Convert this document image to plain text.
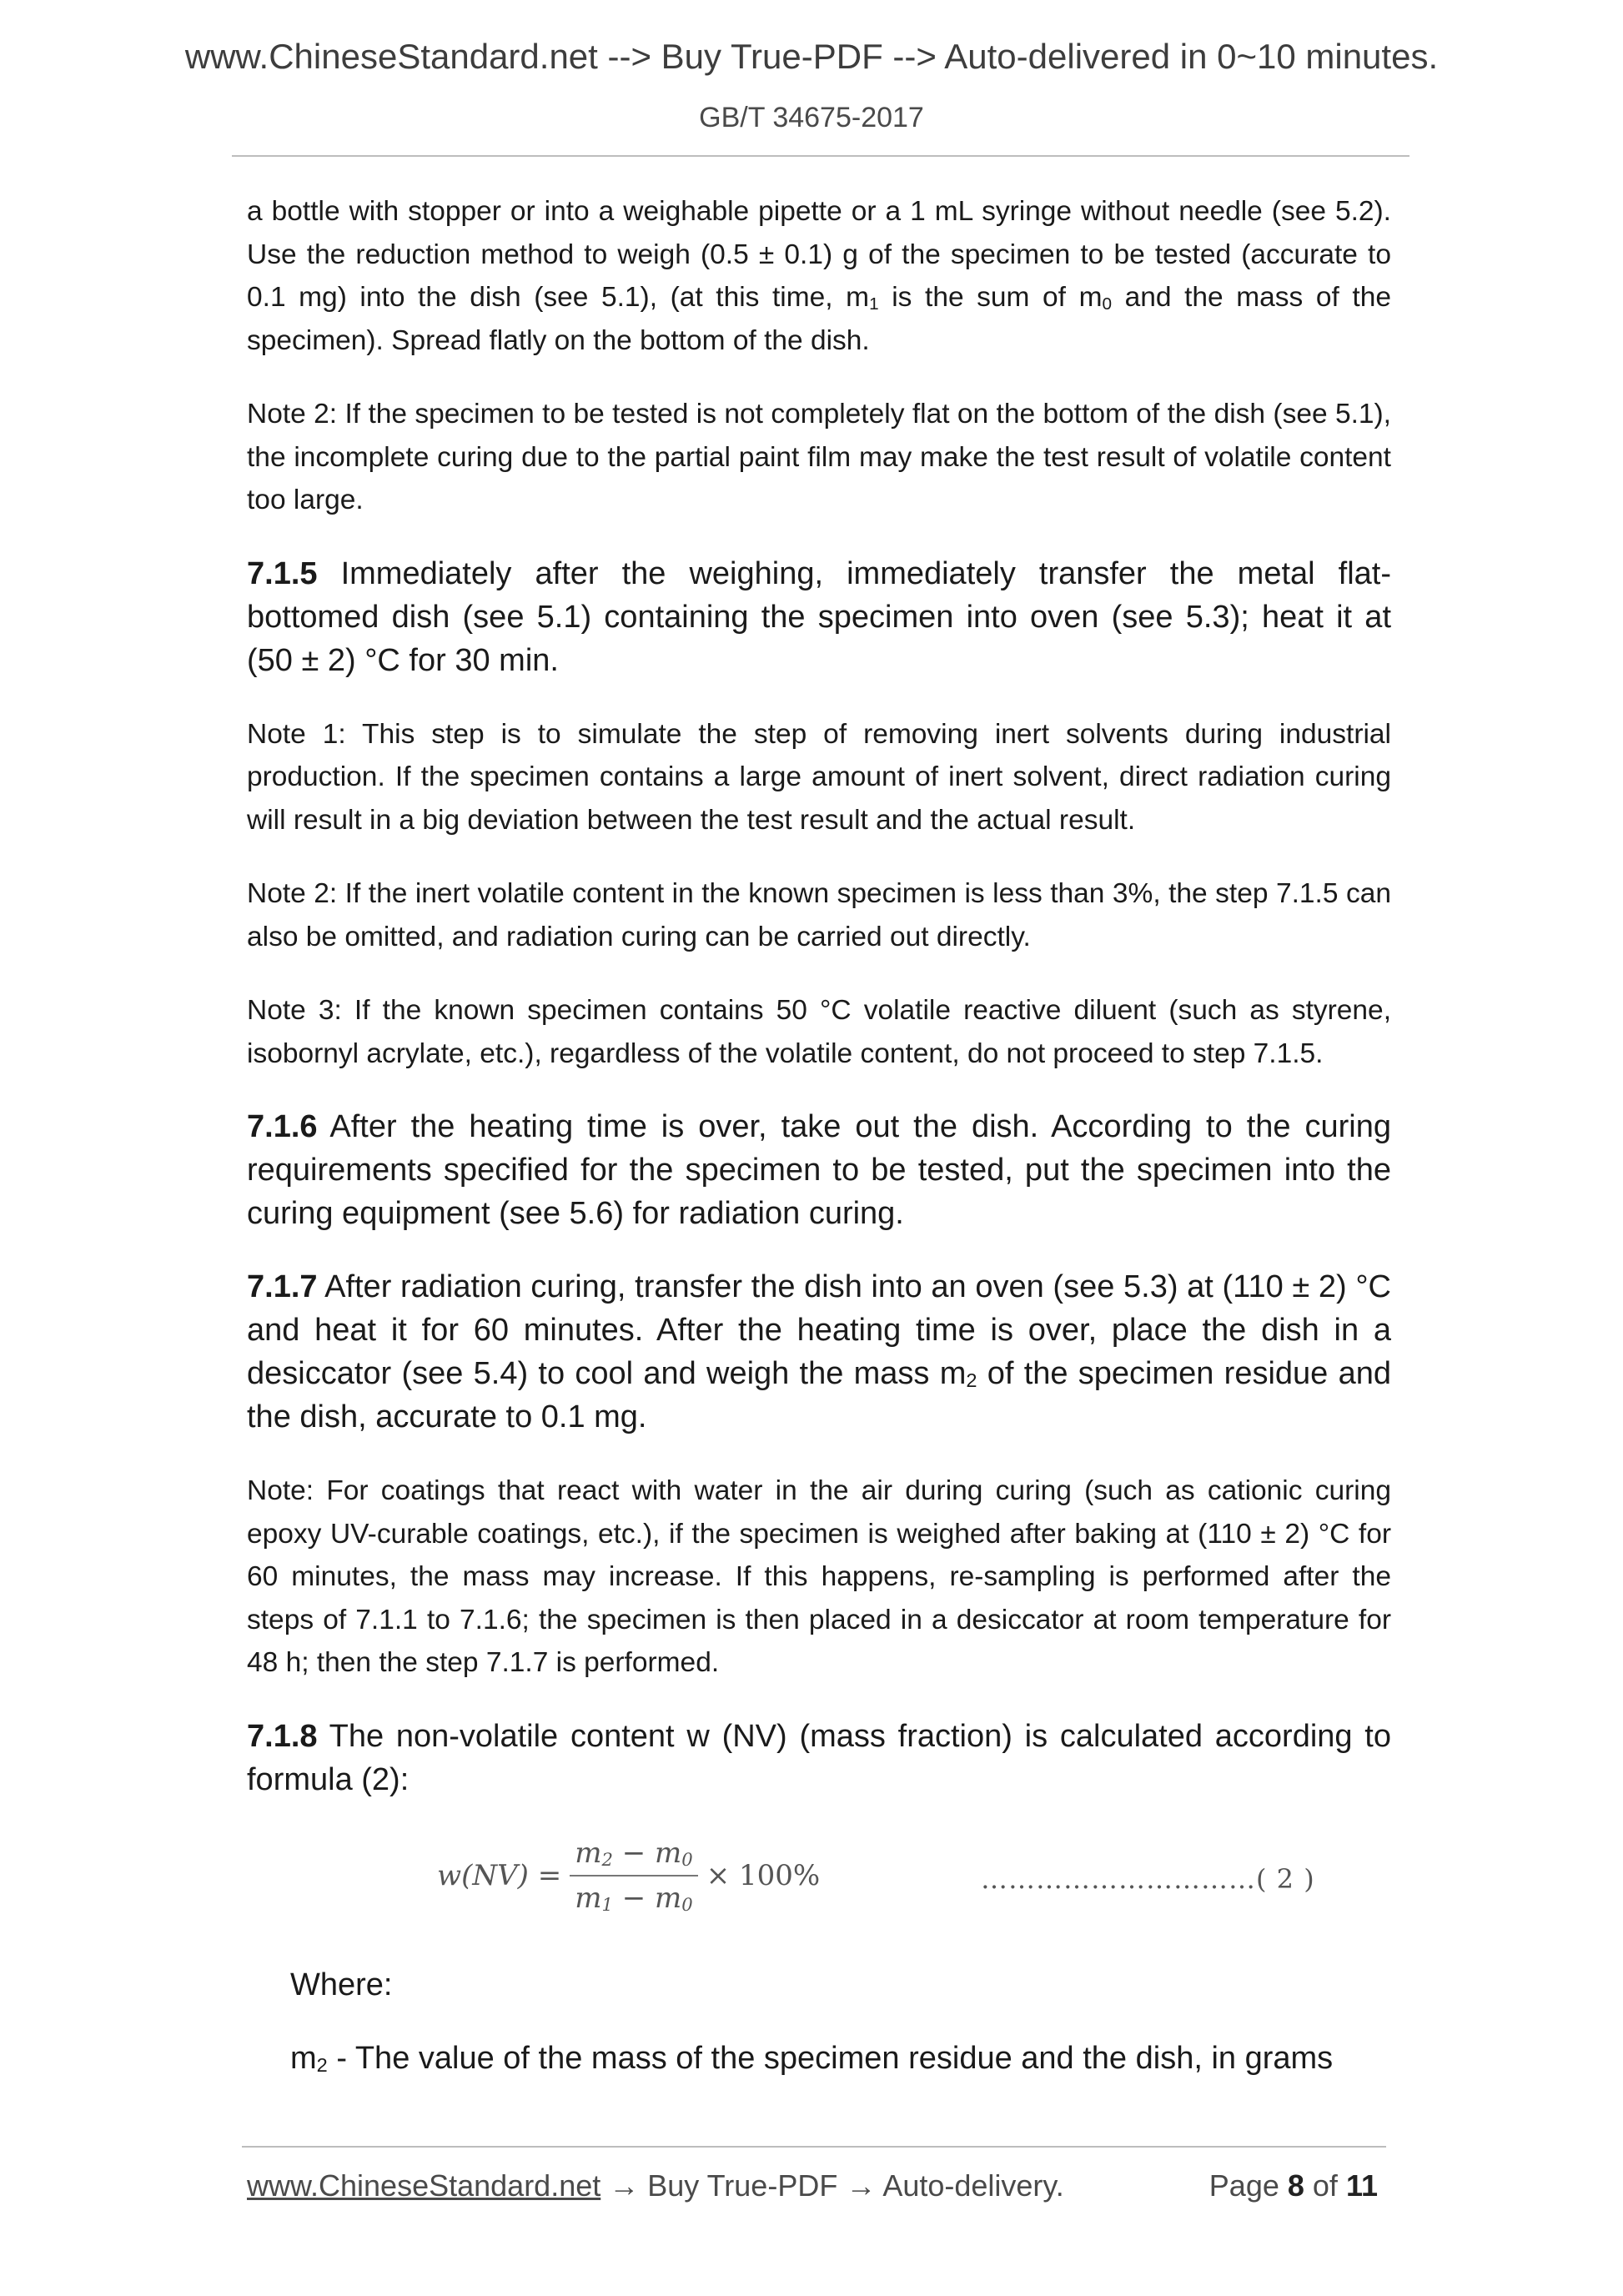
www.ChineseStandard.net --> Buy True-PDF --> Auto-delivered in 0~10 minutes.
GB/T 34675-2017

a bottle with stopper or into a weighable pipette or a 1 mL syringe without needle (see 5.2). Use the reduction method to weigh (0.5 ± 0.1) g of the specimen to be tested (accurate to 0.1 mg) into the dish (see 5.1), (at this time, $m_1$ is the sum of $m_0$ and the mass of the specimen). Spread flatly on the bottom of the dish.

Note 2: If the specimen to be tested is not completely flat on the bottom of the dish (see 5.1), the incomplete curing due to the partial paint film may make the test result of volatile content too large.

7.1.5 Immediately after the weighing, immediately transfer the metal flat-bottomed dish (see 5.1) containing the specimen into oven (see 5.3); heat it at (50 ± 2) °C for 30 min.

Note 1: This step is to simulate the step of removing inert solvents during industrial production. If the specimen contains a large amount of inert solvent, direct radiation curing will result in a big deviation between the test result and the actual result.

Note 2: If the inert volatile content in the known specimen is less than 3%, the step 7.1.5 can also be omitted, and radiation curing can be carried out directly.

Note 3: If the known specimen contains 50 °C volatile reactive diluent (such as styrene, isobornyl acrylate, etc.), regardless of the volatile content, do not proceed to step 7.1.5.

7.1.6 After the heating time is over, take out the dish. According to the curing requirements specified for the specimen to be tested, put the specimen into the curing equipment (see 5.6) for radiation curing.

7.1.7 After radiation curing, transfer the dish into an oven (see 5.3) at (110 ± 2) °C and heat it for 60 minutes. After the heating time is over, place the dish in a desiccator (see 5.4) to cool and weigh the mass $m_2$ of the specimen residue and the dish, accurate to 0.1 mg.

Note: For coatings that react with water in the air during curing (such as cationic curing epoxy UV-curable coatings, etc.), if the specimen is weighed after baking at (110 ± 2) °C for 60 minutes, the mass may increase. If this happens, re-sampling is performed after the steps of 7.1.1 to 7.1.6; the specimen is then placed in a desiccator at room temperature for 48 h; then the step 7.1.7 is performed.

7.1.8 The non-volatile content w (NV) (mass fraction) is calculated according to formula (2):

$w(NV) = \frac{m_2 - m_0}{m_1 - m_0} \times 100\%$	…………………………( 2 )

Where:

$m_2$ - The value of the mass of the specimen residue and the dish, in grams

www.ChineseStandard.net → Buy True-PDF → Auto-delivery.	Page 8 of 11
